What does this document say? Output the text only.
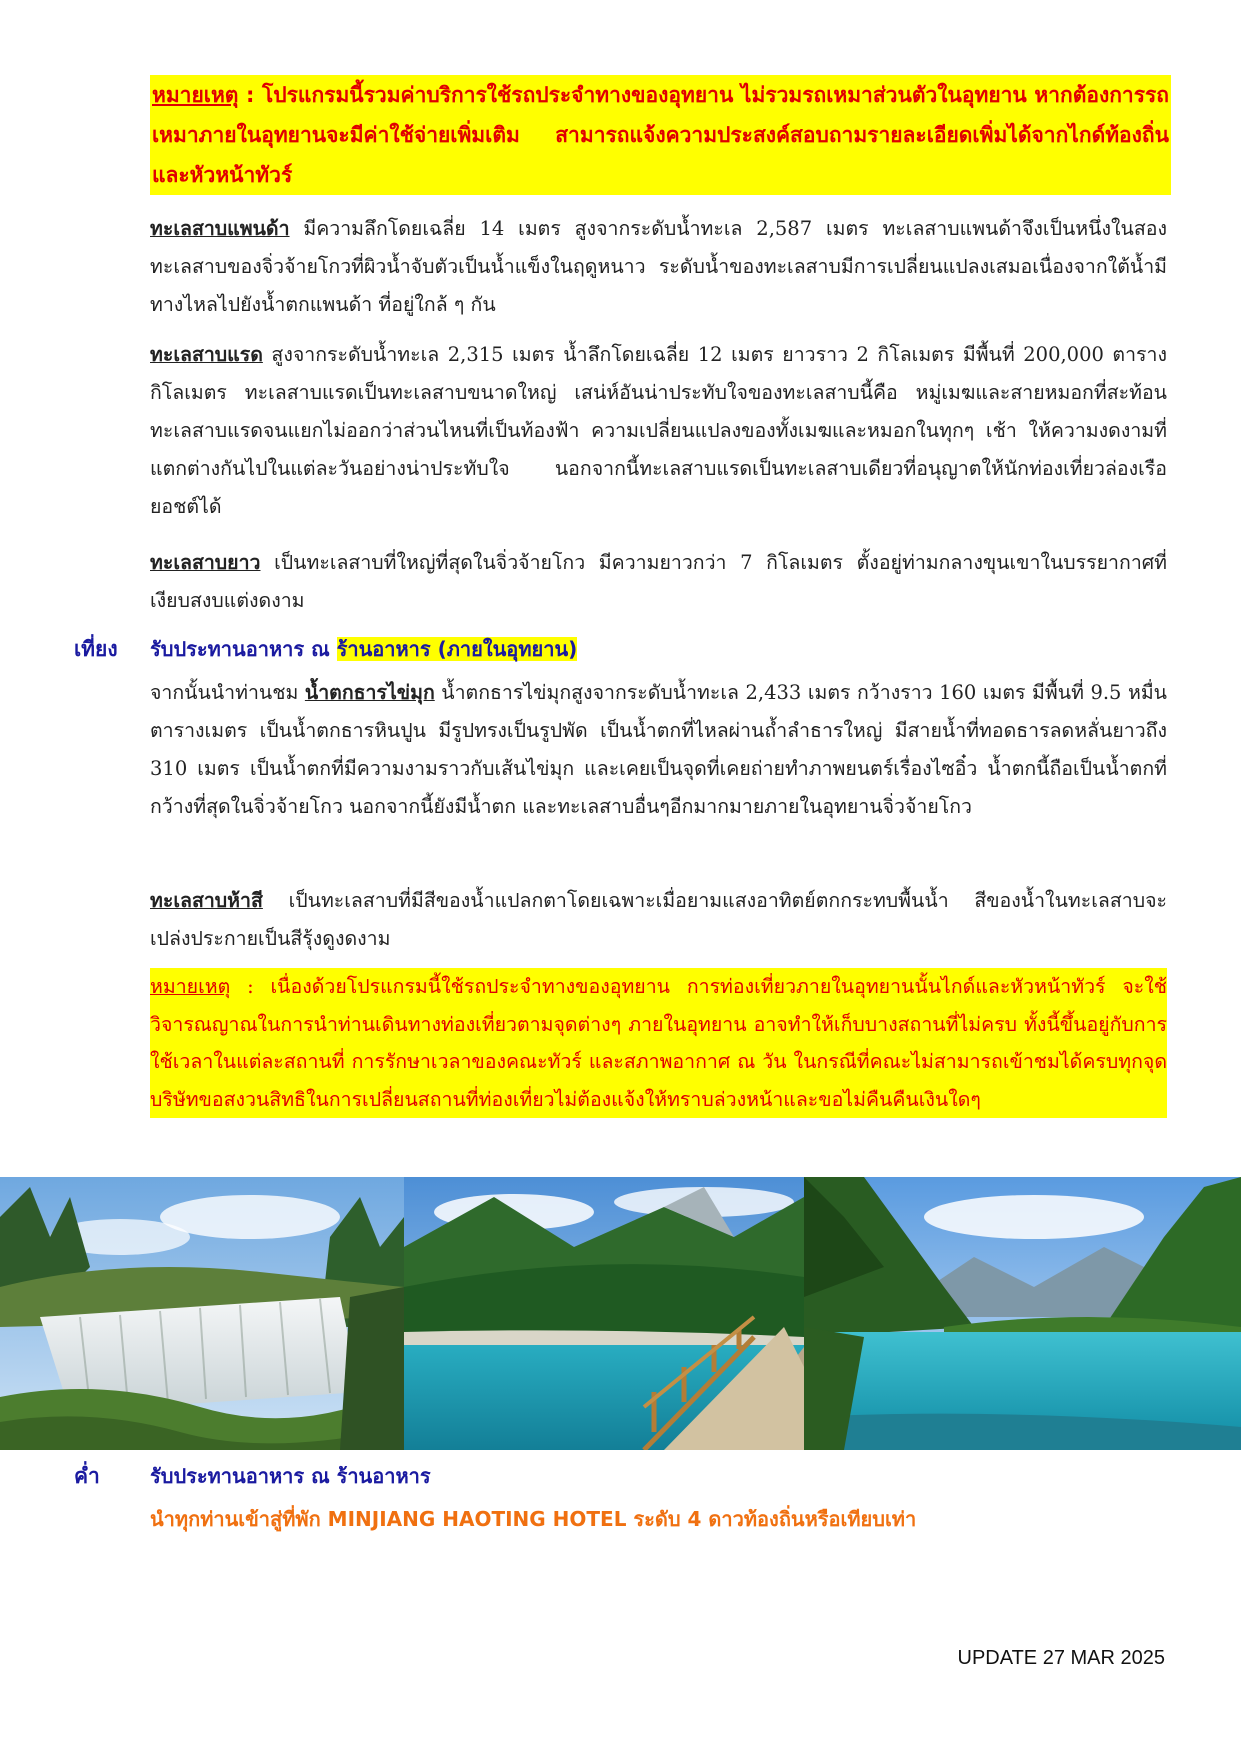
หมายเหตุ : โปรแกรมนี้รวมค่าบริการใช้รถประจำทางของอุทยาน ไม่รวมรถเหมาส่วนตัวในอุทยาน หากต้องการรถเหมาภายในอุทยานจะมีค่าใช้จ่ายเพิ่มเติม สามารถแจ้งความประสงค์สอบถามรายละเอียดเพิ่มได้จากไกด์ท้องถิ่นและหัวหน้าทัวร์

ทะเลสาบแพนด้า มีความลึกโดยเฉลี่ย 14 เมตร สูงจากระดับน้ำทะเล 2,587 เมตร ทะเลสาบแพนด้าจึงเป็นหนึ่งในสองทะเลสาบของจิ่วจ้ายโกวที่ผิวน้ำจับตัวเป็นน้ำแข็งในฤดูหนาว ระดับน้ำของทะเลสาบมีการเปลี่ยนแปลงเสมอเนื่องจากใต้น้ำมีทางไหลไปยังน้ำตกแพนด้า ที่อยู่ใกล้ ๆ กัน

ทะเลสาบแรด สูงจากระดับน้ำทะเล 2,315 เมตร น้ำลึกโดยเฉลี่ย 12 เมตร ยาวราว 2 กิโลเมตร มีพื้นที่ 200,000 ตารางกิโลเมตร ทะเลสาบแรดเป็นทะเลสาบขนาดใหญ่ เสน่ห์อันน่าประทับใจของทะเลสาบนี้คือ หมู่เมฆและสายหมอกที่สะท้อนทะเลสาบแรดจนแยกไม่ออกว่าส่วนไหนที่เป็นท้องฟ้า ความเปลี่ยนแปลงของทั้งเมฆและหมอกในทุกๆ เช้า ให้ความงดงามที่แตกต่างกันไปในแต่ละวันอย่างน่าประทับใจ นอกจากนี้ทะเลสาบแรดเป็นทะเลสาบเดียวที่อนุญาตให้นักท่องเที่ยวล่องเรือยอชต์ได้

ทะเลสาบยาว เป็นทะเลสาบที่ใหญ่ที่สุดในจิ่วจ้ายโกว มีความยาวกว่า 7 กิโลเมตร ตั้งอยู่ท่ามกลางขุนเขาในบรรยากาศที่เงียบสงบแต่งดงาม

เที่ยง รับประทานอาหาร ณ ร้านอาหาร (ภายในอุทยาน)

จากนั้นนำท่านชม น้ำตกธารไข่มุก น้ำตกธารไข่มุกสูงจากระดับน้ำทะเล 2,433 เมตร กว้างราว 160 เมตร มีพื้นที่ 9.5 หมื่นตารางเมตร เป็นน้ำตกธารหินปูน มีรูปทรงเป็นรูปพัด เป็นน้ำตกที่ไหลผ่านถ้ำลำธารใหญ่ มีสายน้ำที่ทอดธารลดหลั่นยาวถึง 310 เมตร เป็นน้ำตกที่มีความงามราวกับเส้นไข่มุก และเคยเป็นจุดที่เคยถ่ายทำภาพยนตร์เรื่องไซอิ๋ว น้ำตกนี้ถือเป็นน้ำตกที่กว้างที่สุดในจิ่วจ้ายโกว นอกจากนี้ยังมีน้ำตก และทะเลสาบอื่นๆอีกมากมายภายในอุทยานจิ่วจ้ายโกว

ทะเลสาบห้าสี เป็นทะเลสาบที่มีสีของน้ำแปลกตาโดยเฉพาะเมื่อยามแสงอาทิตย์ตกกระทบพื้นน้ำ สีของน้ำในทะเลสาบจะเปล่งประกายเป็นสีรุ้งดูงดงาม

หมายเหตุ : เนื่องด้วยโปรแกรมนี้ใช้รถประจำทางของอุทยาน การท่องเที่ยวภายในอุทยานนั้นไกด์และหัวหน้าทัวร์ จะใช้วิจารณญาณในการนำท่านเดินทางท่องเที่ยวตามจุดต่างๆ ภายในอุทยาน อาจทำให้เก็บบางสถานที่ไม่ครบ ทั้งนี้ขึ้นอยู่กับการใช้เวลาในแต่ละสถานที่ การรักษาเวลาของคณะทัวร์ และสภาพอากาศ ณ วัน ในกรณีที่คณะไม่สามารถเข้าชมได้ครบทุกจุด บริษัทขอสงวนสิทธิในการเปลี่ยนสถานที่ท่องเที่ยวไม่ต้องแจ้งให้ทราบล่วงหน้าและขอไม่คืนคืนเงินใดๆ

ค่ำ	รับประทานอาหาร ณ ร้านอาหาร

นำทุกท่านเข้าสู่ที่พัก MINJIANG HAOTING HOTEL ระดับ 4 ดาวท้องถิ่นหรือเทียบเท่า

UPDATE 27 MAR 2025
